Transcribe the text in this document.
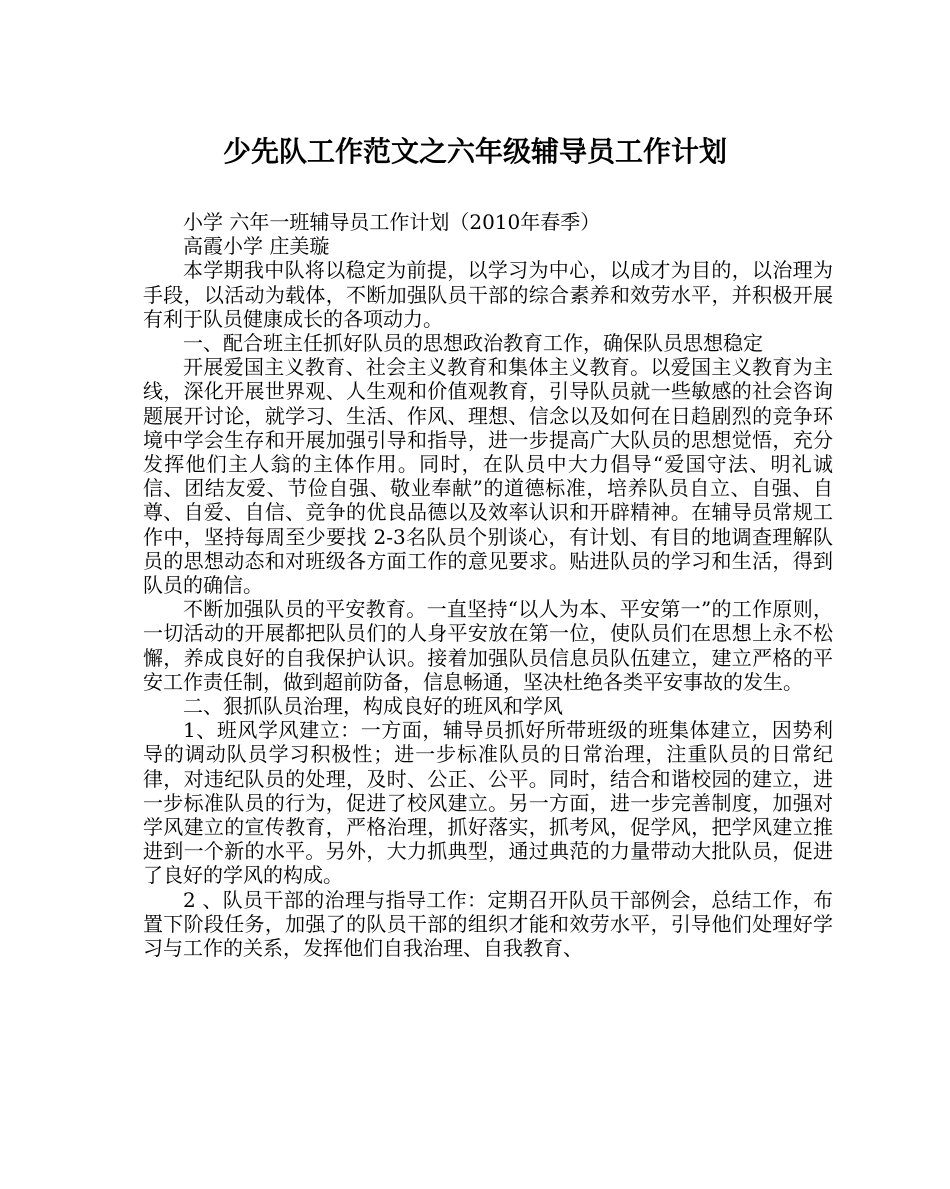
少先队工作范文之六年级辅导员工作计划

小学 六年一班辅导员工作计划（2010年春季）

高霞小学 庄美璇

本学期我中队将以稳定为前提，以学习为中心，以成才为目的，以治理为手段，以活动为载体，不断加强队员干部的综合素养和效劳水平，并积极开展有利于队员健康成长的各项动力。

一、配合班主任抓好队员的思想政治教育工作，确保队员思想稳定

开展爱国主义教育、社会主义教育和集体主义教育。以爱国主义教育为主线，深化开展世界观、人生观和价值观教育，引导队员就一些敏感的社会咨询题展开讨论，就学习、生活、作风、理想、信念以及如何在日趋剧烈的竞争环境中学会生存和开展加强引导和指导，进一步提高广大队员的思想觉悟，充分发挥他们主人翁的主体作用。同时，在队员中大力倡导“爱国守法、明礼诚信、团结友爱、节俭自强、敬业奉献”的道德标准，培养队员自立、自强、自尊、自爱、自信、竞争的优良品德以及效率认识和开辟精神。在辅导员常规工作中，坚持每周至少要找 2-3名队员个别谈心，有计划、有目的地调查理解队员的思想动态和对班级各方面工作的意见要求。贴进队员的学习和生活，得到队员的确信。

不断加强队员的平安教育。一直坚持“以人为本、平安第一”的工作原则，一切活动的开展都把队员们的人身平安放在第一位，使队员们在思想上永不松懈，养成良好的自我保护认识。接着加强队员信息员队伍建立，建立严格的平安工作责任制，做到超前防备，信息畅通，坚决杜绝各类平安事故的发生。

二、狠抓队员治理，构成良好的班风和学风

1、班风学风建立：一方面，辅导员抓好所带班级的班集体建立，因势利导的调动队员学习积极性；进一步标准队员的日常治理，注重队员的日常纪律，对违纪队员的处理，及时、公正、公平。同时，结合和谐校园的建立，进一步标准队员的行为，促进了校风建立。另一方面，进一步完善制度，加强对学风建立的宣传教育，严格治理，抓好落实，抓考风，促学风，把学风建立推进到一个新的水平。另外，大力抓典型，通过典范的力量带动大批队员，促进了良好的学风的构成。

2 、队员干部的治理与指导工作：定期召开队员干部例会，总结工作，布置下阶段任务，加强了的队员干部的组织才能和效劳水平，引导他们处理好学习与工作的关系，发挥他们自我治理、自我教育、
